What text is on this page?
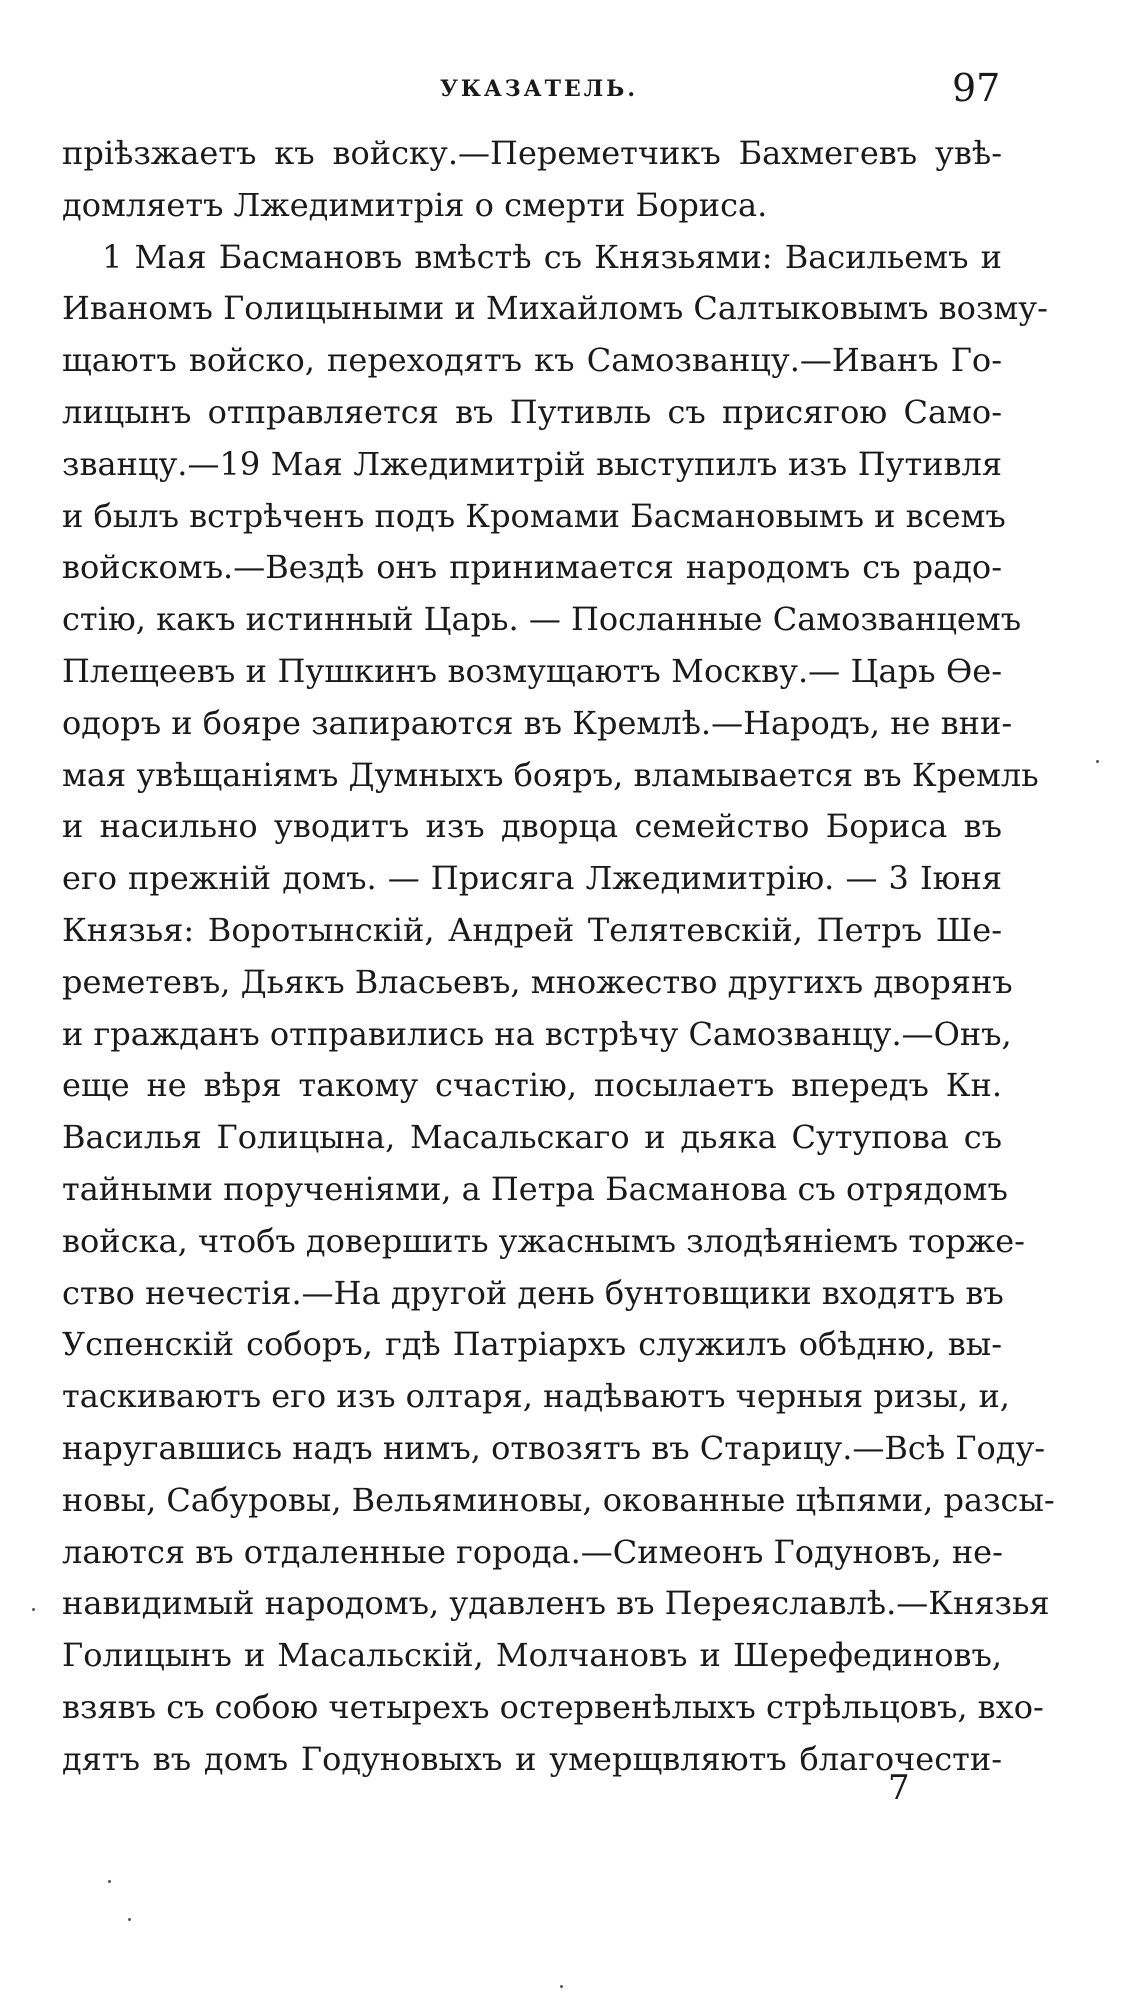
УКАЗАТЕЛЬ.	97
пріѣзжаетъ къ войску.—Переметчикъ Бахмегевъ увѣ-
домляетъ Лжедимитрія о смерти Бориса.
1 Мая Басмановъ вмѣстѣ съ Князьями: Васильемъ и
Иваномъ Голицыными и Михайломъ Салтыковымъ возму-
щаютъ войско, переходятъ къ Самозванцу.—Иванъ Го-
лицынъ отправляется въ Путивль съ присягою Само-
званцу.—19 Мая Лжедимитрій выступилъ изъ Путивля
и былъ встрѣченъ подъ Кромами Басмановымъ и всемъ
войскомъ.—Вездѣ онъ принимается народомъ съ радо-
стію, какъ истинный Царь. — Посланные Самозванцемъ
Плещеевъ и Пушкинъ возмущаютъ Москву.— Царь Ѳе-
одоръ и бояре запираются въ Кремлѣ.—Народъ, не вни-
мая увѣщаніямъ Думныхъ бояръ, вламывается въ Кремль
и насильно уводитъ изъ дворца семейство Бориса въ
его прежній домъ. — Присяга Лжедимитрію. — 3 Іюня
Князья: Воротынскій, Андрей Телятевскій, Петръ Ше-
реметевъ, Дьякъ Власьевъ, множество другихъ дворянъ
и гражданъ отправились на встрѣчу Самозванцу.—Онъ,
еще не вѣря такому счастію, посылаетъ впередъ Кн.
Василья Голицына, Масальскаго и дьяка Сутупова съ
тайными порученіями, а Петра Басманова съ отрядомъ
войска, чтобъ довершить ужаснымъ злодѣяніемъ торже-
ство нечестія.—На другой день бунтовщики входятъ въ
Успенскій соборъ, гдѣ Патріархъ служилъ обѣдню, вы-
таскиваютъ его изъ олтаря, надѣваютъ черныя ризы, и,
наругавшись надъ нимъ, отвозятъ въ Старицу.—Всѣ Году-
новы, Сабуровы, Вельяминовы, окованные цѣпями, разсы-
лаются въ отдаленные города.—Симеонъ Годуновъ, не-
навидимый народомъ, удавленъ въ Переяславлѣ.—Князья
Голицынъ и Масальскій, Молчановъ и Шерефединовъ,
взявъ съ собою четырехъ остервенѣлыхъ стрѣльцовъ, вхо-
дятъ въ домъ Годуновыхъ и умерщвляютъ благочести-
7
